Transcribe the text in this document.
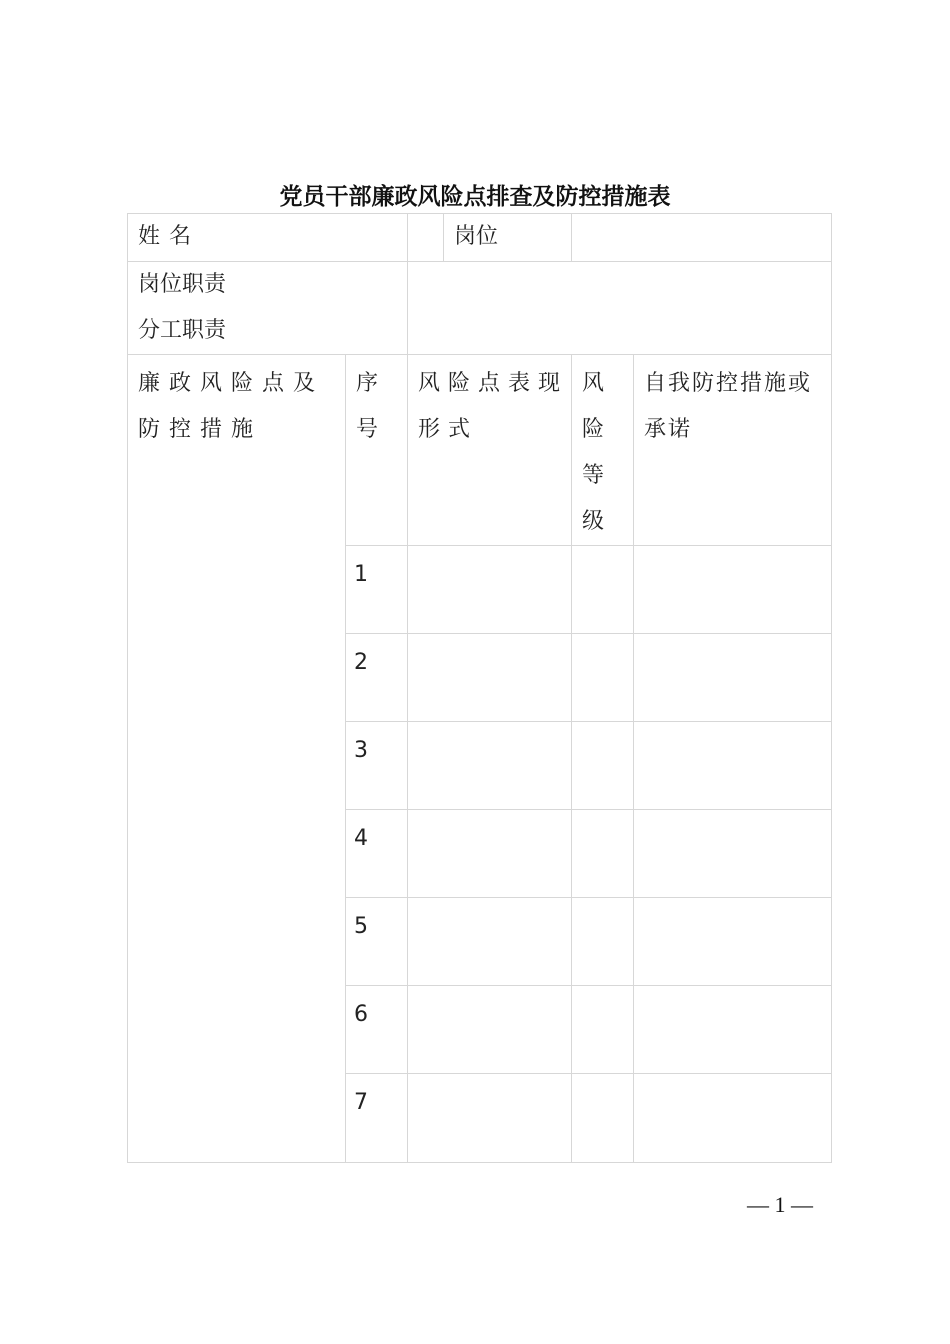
党员干部廉政风险点排查及防控措施表
姓名			岗位		

岗位职责
分工职责					

廉政风险点及防控措施	序号	风险点表现形式		风险等级	自我防控措施或承诺
	1				
	2				
	3				
	4				
	5				
	6				
	7				
— 1 —
